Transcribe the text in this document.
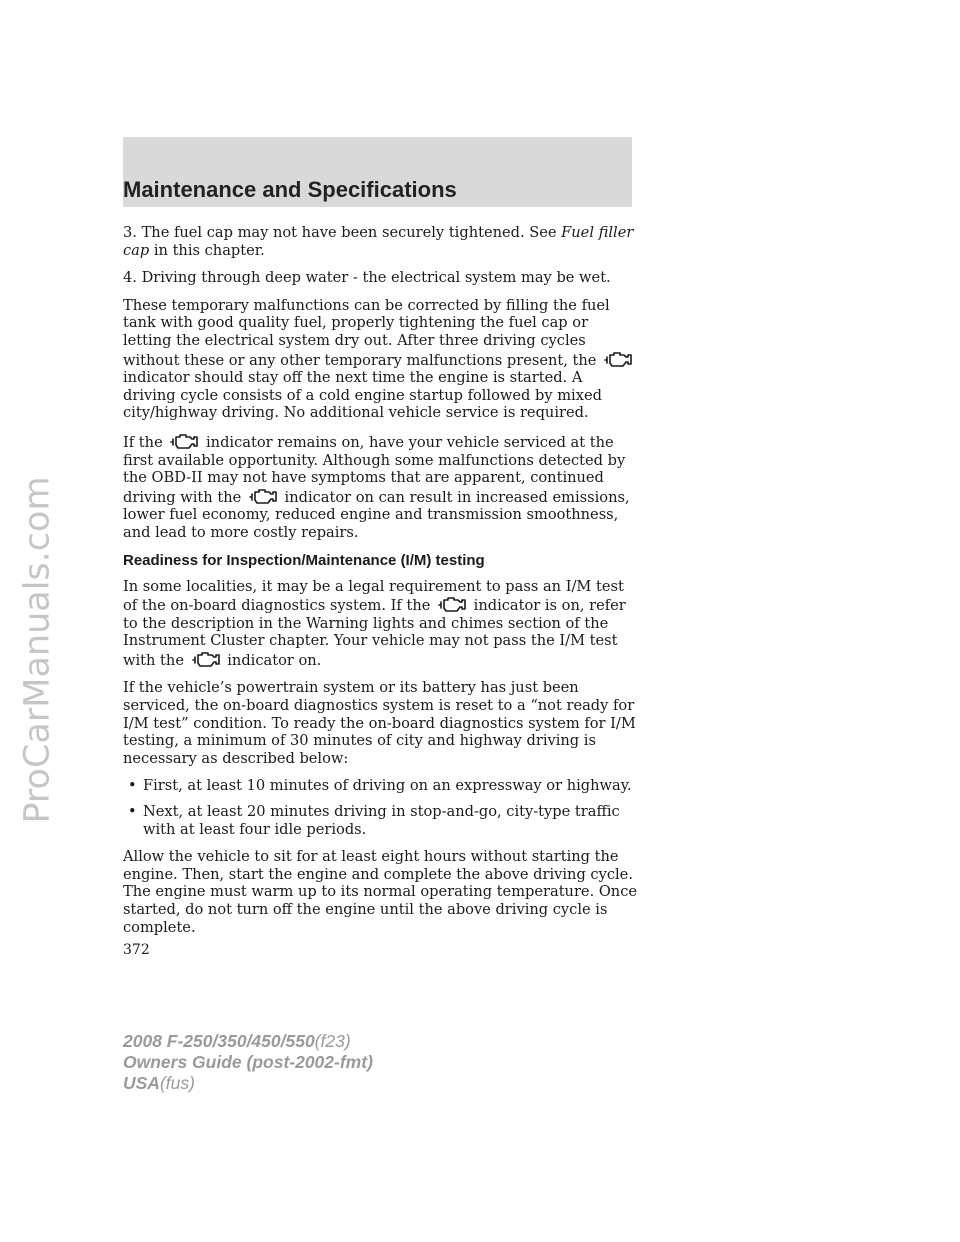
ProCarManuals.com
Maintenance and Specifications

3. The fuel cap may not have been securely tightened. See Fuel filler cap in this chapter.

4. Driving through deep water - the electrical system may be wet.

These temporary malfunctions can be corrected by filling the fuel tank with good quality fuel, properly tightening the fuel cap or letting the electrical system dry out. After three driving cycles without these or any other temporary malfunctions present, the
indicator should stay off the next time the engine is started. A driving cycle consists of a cold engine startup followed by mixed city/highway driving. No additional vehicle service is required.

If the
indicator remains on, have your vehicle serviced at the first available opportunity. Although some malfunctions detected by the OBD-II may not have symptoms that are apparent, continued driving with the
indicator on can result in increased emissions, lower fuel economy, reduced engine and transmission smoothness, and lead to more costly repairs.

Readiness for Inspection/Maintenance (I/M) testing

In some localities, it may be a legal requirement to pass an I/M test of the on-board diagnostics system. If the
indicator is on, refer to the description in the Warning lights and chimes section of the Instrument Cluster chapter. Your vehicle may not pass the I/M test with the
indicator on.

If the vehicle’s powertrain system or its battery has just been serviced, the on-board diagnostics system is reset to a “not ready for I/M test” condition. To ready the on-board diagnostics system for I/M testing, a minimum of 30 minutes of city and highway driving is necessary as described below:

• First, at least 10 minutes of driving on an expressway or highway.
• Next, at least 20 minutes driving in stop-and-go, city-type traffic with at least four idle periods.

Allow the vehicle to sit for at least eight hours without starting the engine. Then, start the engine and complete the above driving cycle. The engine must warm up to its normal operating temperature. Once started, do not turn off the engine until the above driving cycle is complete.

372
2008 F-250/350/450/550(f23)
Owners Guide (post-2002-fmt)
USA(fus)
